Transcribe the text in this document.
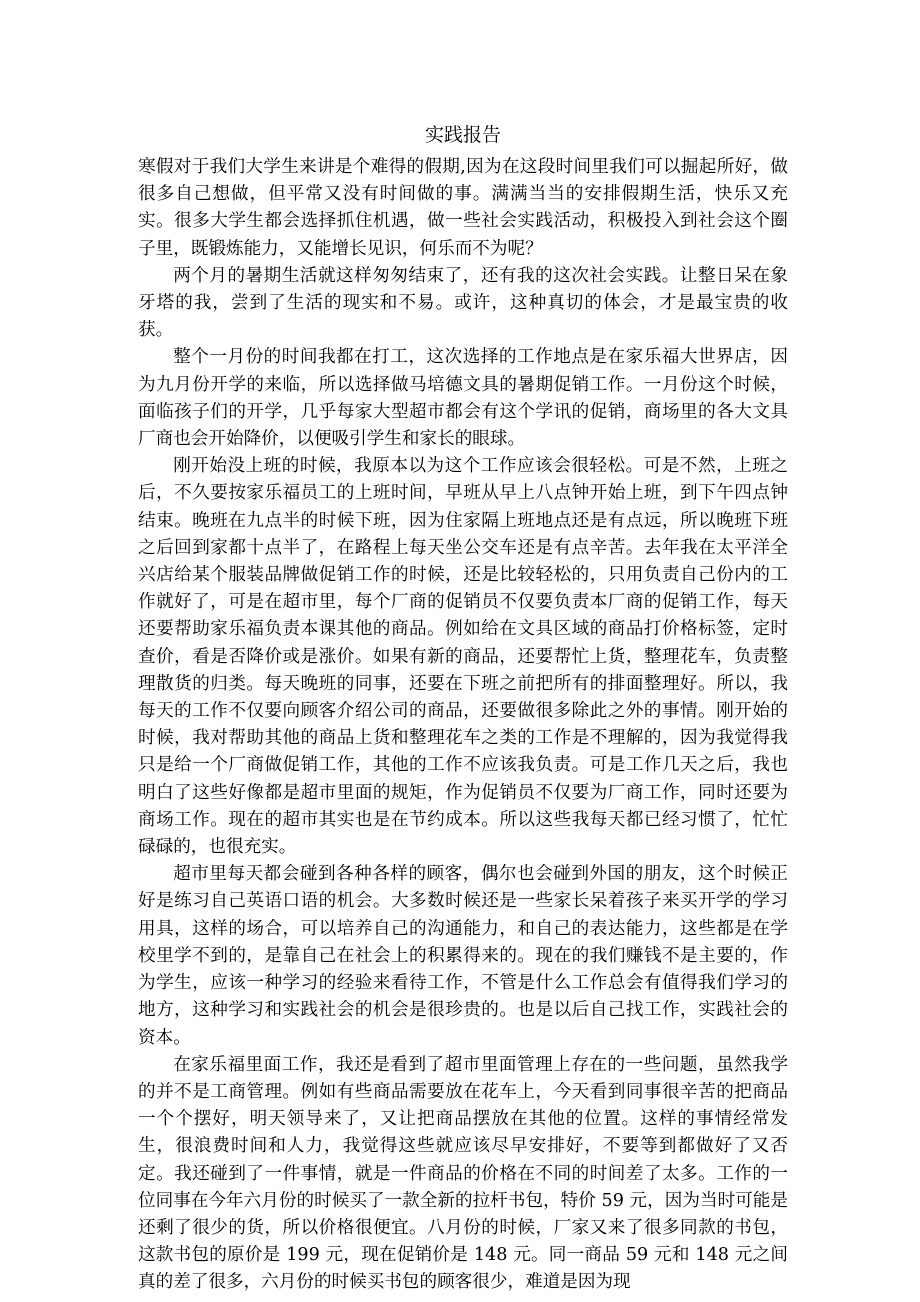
实践报告

寒假对于我们大学生来讲是个难得的假期,因为在这段时间里我们可以掘起所好，做很多自己想做，但平常又没有时间做的事。满满当当的安排假期生活，快乐又充实。很多大学生都会选择抓住机遇，做一些社会实践活动，积极投入到社会这个圈子里，既锻炼能力，又能增长见识，何乐而不为呢？

两个月的暑期生活就这样匆匆结束了，还有我的这次社会实践。让整日呆在象牙塔的我，尝到了生活的现实和不易。或许，这种真切的体会，才是最宝贵的收获。

整个一月份的时间我都在打工，这次选择的工作地点是在家乐福大世界店，因为九月份开学的来临，所以选择做马培德文具的暑期促销工作。一月份这个时候，面临孩子们的开学，几乎每家大型超市都会有这个学讯的促销，商场里的各大文具厂商也会开始降价，以便吸引学生和家长的眼球。

刚开始没上班的时候，我原本以为这个工作应该会很轻松。可是不然，上班之后，不久要按家乐福员工的上班时间，早班从早上八点钟开始上班，到下午四点钟结束。晚班在九点半的时候下班，因为住家隔上班地点还是有点远，所以晚班下班之后回到家都十点半了，在路程上每天坐公交车还是有点辛苦。去年我在太平洋全兴店给某个服装品牌做促销工作的时候，还是比较轻松的，只用负责自己份内的工作就好了，可是在超市里，每个厂商的促销员不仅要负责本厂商的促销工作，每天还要帮助家乐福负责本课其他的商品。例如给在文具区域的商品打价格标签，定时查价，看是否降价或是涨价。如果有新的商品，还要帮忙上货，整理花车，负责整理散货的归类。每天晚班的同事，还要在下班之前把所有的排面整理好。所以，我每天的工作不仅要向顾客介绍公司的商品，还要做很多除此之外的事情。刚开始的时候，我对帮助其他的商品上货和整理花车之类的工作是不理解的，因为我觉得我只是给一个厂商做促销工作，其他的工作不应该我负责。可是工作几天之后，我也明白了这些好像都是超市里面的规矩，作为促销员不仅要为厂商工作，同时还要为商场工作。现在的超市其实也是在节约成本。所以这些我每天都已经习惯了，忙忙碌碌的，也很充实。

超市里每天都会碰到各种各样的顾客，偶尔也会碰到外国的朋友，这个时候正好是练习自己英语口语的机会。大多数时候还是一些家长呆着孩子来买开学的学习用具，这样的场合，可以培养自己的沟通能力，和自己的表达能力，这些都是在学校里学不到的，是靠自己在社会上的积累得来的。现在的我们赚钱不是主要的，作为学生，应该一种学习的经验来看待工作，不管是什么工作总会有值得我们学习的地方，这种学习和实践社会的机会是很珍贵的。也是以后自己找工作，实践社会的资本。

在家乐福里面工作，我还是看到了超市里面管理上存在的一些问题，虽然我学的并不是工商管理。例如有些商品需要放在花车上，今天看到同事很辛苦的把商品一个个摆好，明天领导来了，又让把商品摆放在其他的位置。这样的事情经常发生，很浪费时间和人力，我觉得这些就应该尽早安排好，不要等到都做好了又否定。我还碰到了一件事情，就是一件商品的价格在不同的时间差了太多。工作的一位同事在今年六月份的时候买了一款全新的拉杆书包，特价 59 元，因为当时可能是还剩了很少的货，所以价格很便宜。八月份的时候，厂家又来了很多同款的书包，这款书包的原价是 199 元，现在促销价是 148 元。同一商品 59 元和 148 元之间真的差了很多，六月份的时候买书包的顾客很少，难道是因为现
